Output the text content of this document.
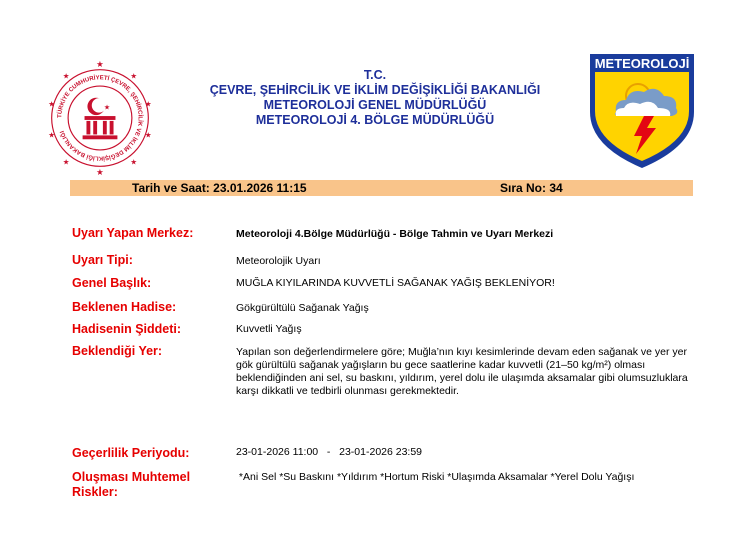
TÜRKİYE CUMHURİYETİ ÇEVRE, ŞEHİRCİLİK VE İKLİM DEĞİŞİKLİĞİ BAKANLIĞI
★
★	★
★	★
★	★
★	★
★
★
METEOROLOJİ
T.C.
ÇEVRE, ŞEHİRCİLİK VE İKLİM DEĞİŞİKLİĞİ BAKANLIĞI
METEOROLOJİ GENEL MÜDÜRLÜĞÜ
METEOROLOJİ 4. BÖLGE MÜDÜRLÜĞÜ
Tarih ve Saat: 23.01.2026 11:15	Sıra No: 34
Uyarı Yapan Merkez:	Meteoroloji 4.Bölge Müdürlüğü - Bölge Tahmin ve Uyarı Merkezi
Uyarı Tipi:	Meteorolojik Uyarı
Genel Başlık:	MUĞLA KIYILARINDA KUVVETLİ SAĞANAK YAĞIŞ BEKLENİYOR!
Beklenen Hadise:	Gökgürültülü Sağanak Yağış
Hadisenin Şiddeti:	Kuvvetli Yağış
Beklendiği Yer:	Yapılan son değerlendirmelere göre; Muğla’nın kıyı kesimlerinde devam eden sağanak ve yer yer gök gürültülü sağanak yağışların bu gece saatlerine kadar kuvvetli (21–50 kg/m²) olması beklendiğinden ani sel, su baskını, yıldırım, yerel dolu ile ulaşımda aksamalar gibi olumsuzluklara karşı dikkatli ve tedbirli olunması gerekmektedir.
Geçerlilik Periyodu:	23-01-2026 11:00   -   23-01-2026 23:59
Oluşması Muhtemel Riskler:
*Ani Sel *Su Baskını *Yıldırım *Hortum Riski *Ulaşımda Aksamalar *Yerel Dolu Yağışı
